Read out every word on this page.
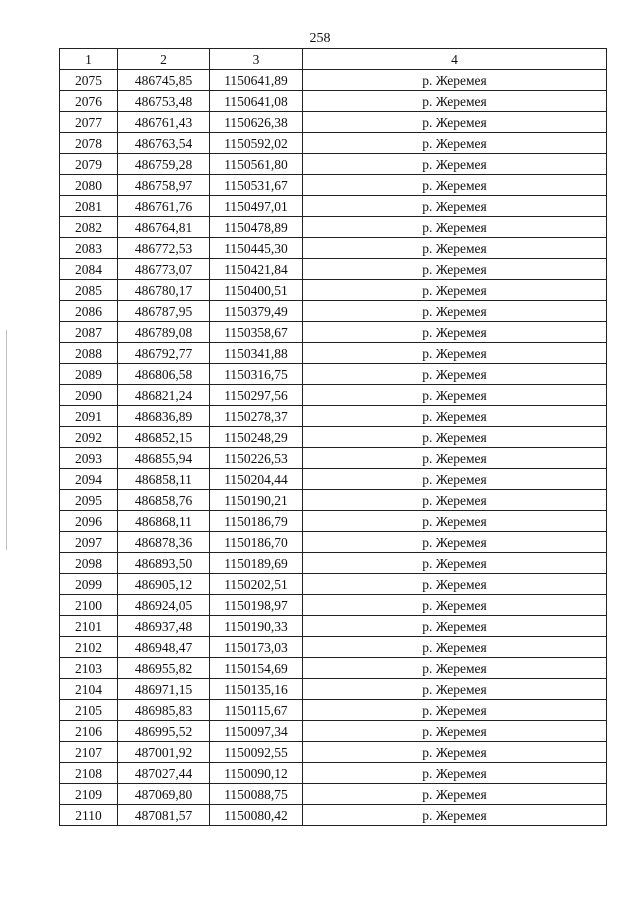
258
1	2	3	4
2075	486745,85	1150641,89	р. Жеремея
2076	486753,48	1150641,08	р. Жеремея
2077	486761,43	1150626,38	р. Жеремея
2078	486763,54	1150592,02	р. Жеремея
2079	486759,28	1150561,80	р. Жеремея
2080	486758,97	1150531,67	р. Жеремея
2081	486761,76	1150497,01	р. Жеремея
2082	486764,81	1150478,89	р. Жеремея
2083	486772,53	1150445,30	р. Жеремея
2084	486773,07	1150421,84	р. Жеремея
2085	486780,17	1150400,51	р. Жеремея
2086	486787,95	1150379,49	р. Жеремея
2087	486789,08	1150358,67	р. Жеремея
2088	486792,77	1150341,88	р. Жеремея
2089	486806,58	1150316,75	р. Жеремея
2090	486821,24	1150297,56	р. Жеремея
2091	486836,89	1150278,37	р. Жеремея
2092	486852,15	1150248,29	р. Жеремея
2093	486855,94	1150226,53	р. Жеремея
2094	486858,11	1150204,44	р. Жеремея
2095	486858,76	1150190,21	р. Жеремея
2096	486868,11	1150186,79	р. Жеремея
2097	486878,36	1150186,70	р. Жеремея
2098	486893,50	1150189,69	р. Жеремея
2099	486905,12	1150202,51	р. Жеремея
2100	486924,05	1150198,97	р. Жеремея
2101	486937,48	1150190,33	р. Жеремея
2102	486948,47	1150173,03	р. Жеремея
2103	486955,82	1150154,69	р. Жеремея
2104	486971,15	1150135,16	р. Жеремея
2105	486985,83	1150115,67	р. Жеремея
2106	486995,52	1150097,34	р. Жеремея
2107	487001,92	1150092,55	р. Жеремея
2108	487027,44	1150090,12	р. Жеремея
2109	487069,80	1150088,75	р. Жеремея
2110	487081,57	1150080,42	р. Жеремея
